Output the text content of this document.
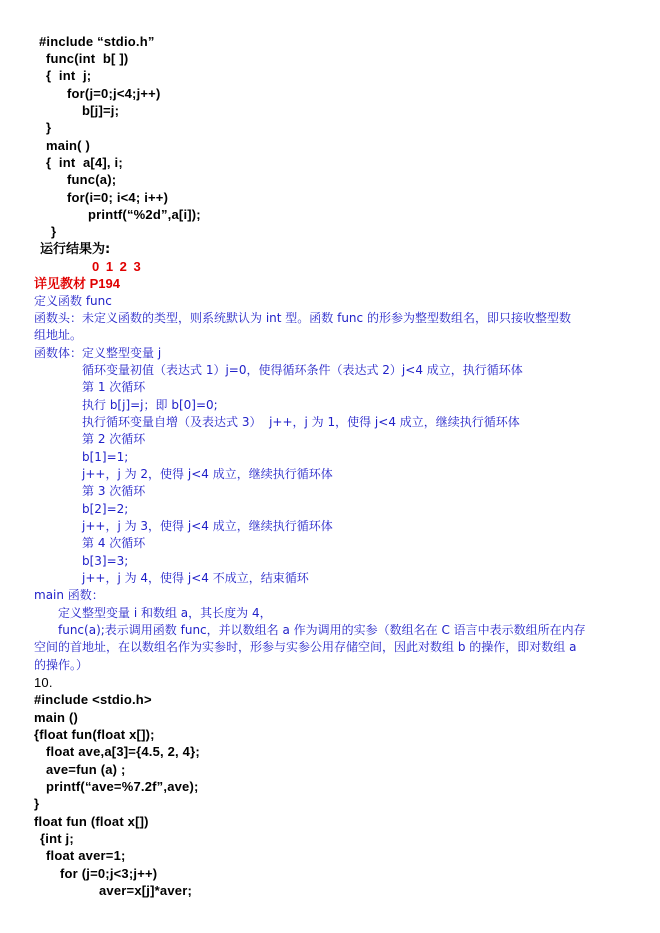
#include “stdio.h”
func(int  b[ ])
{  int  j;
for(j=0;j<4;j++)
b[j]=j;
}
main( )
{  int  a[4], i;
func(a);
for(i=0; i<4; i++)
printf(“%2d”,a[i]);
}
运行结果为:
0 1 2 3
详见教材 P194
定义函数 func
函数头：未定义函数的类型，则系统默认为 int 型。函数 func 的形参为整型数组名，即只接收整型数
组地址。
函数体：定义整型变量 j
循环变量初值（表达式 1）j=0，使得循环条件（表达式 2）j<4 成立，执行循环体
第 1 次循环
执行 b[j]=j；即 b[0]=0;
执行循环变量自增（及表达式 3）  j++，j 为 1，使得 j<4 成立，继续执行循环体
第 2 次循环
b[1]=1;
j++，j 为 2，使得 j<4 成立，继续执行循环体
第 3 次循环
b[2]=2;
j++，j 为 3，使得 j<4 成立，继续执行循环体
第 4 次循环
b[3]=3;
j++，j 为 4，使得 j<4 不成立，结束循环
main 函数：
定义整型变量 i 和数组 a，其长度为 4，
func(a);表示调用函数 func，并以数组名 a 作为调用的实参（数组名在 C 语言中表示数组所在内存
空间的首地址，在以数组名作为实参时，形参与实参公用存储空间，因此对数组 b 的操作，即对数组 a
的操作。）
10.
#include <stdio.h>
main ()
{float fun(float x[]);
float ave,a[3]={4.5, 2, 4};
ave=fun (a) ;
printf(“ave=%7.2f”,ave);
}
float fun (float x[])
{int j;
float aver=1;
for (j=0;j<3;j++)
aver=x[j]*aver;
